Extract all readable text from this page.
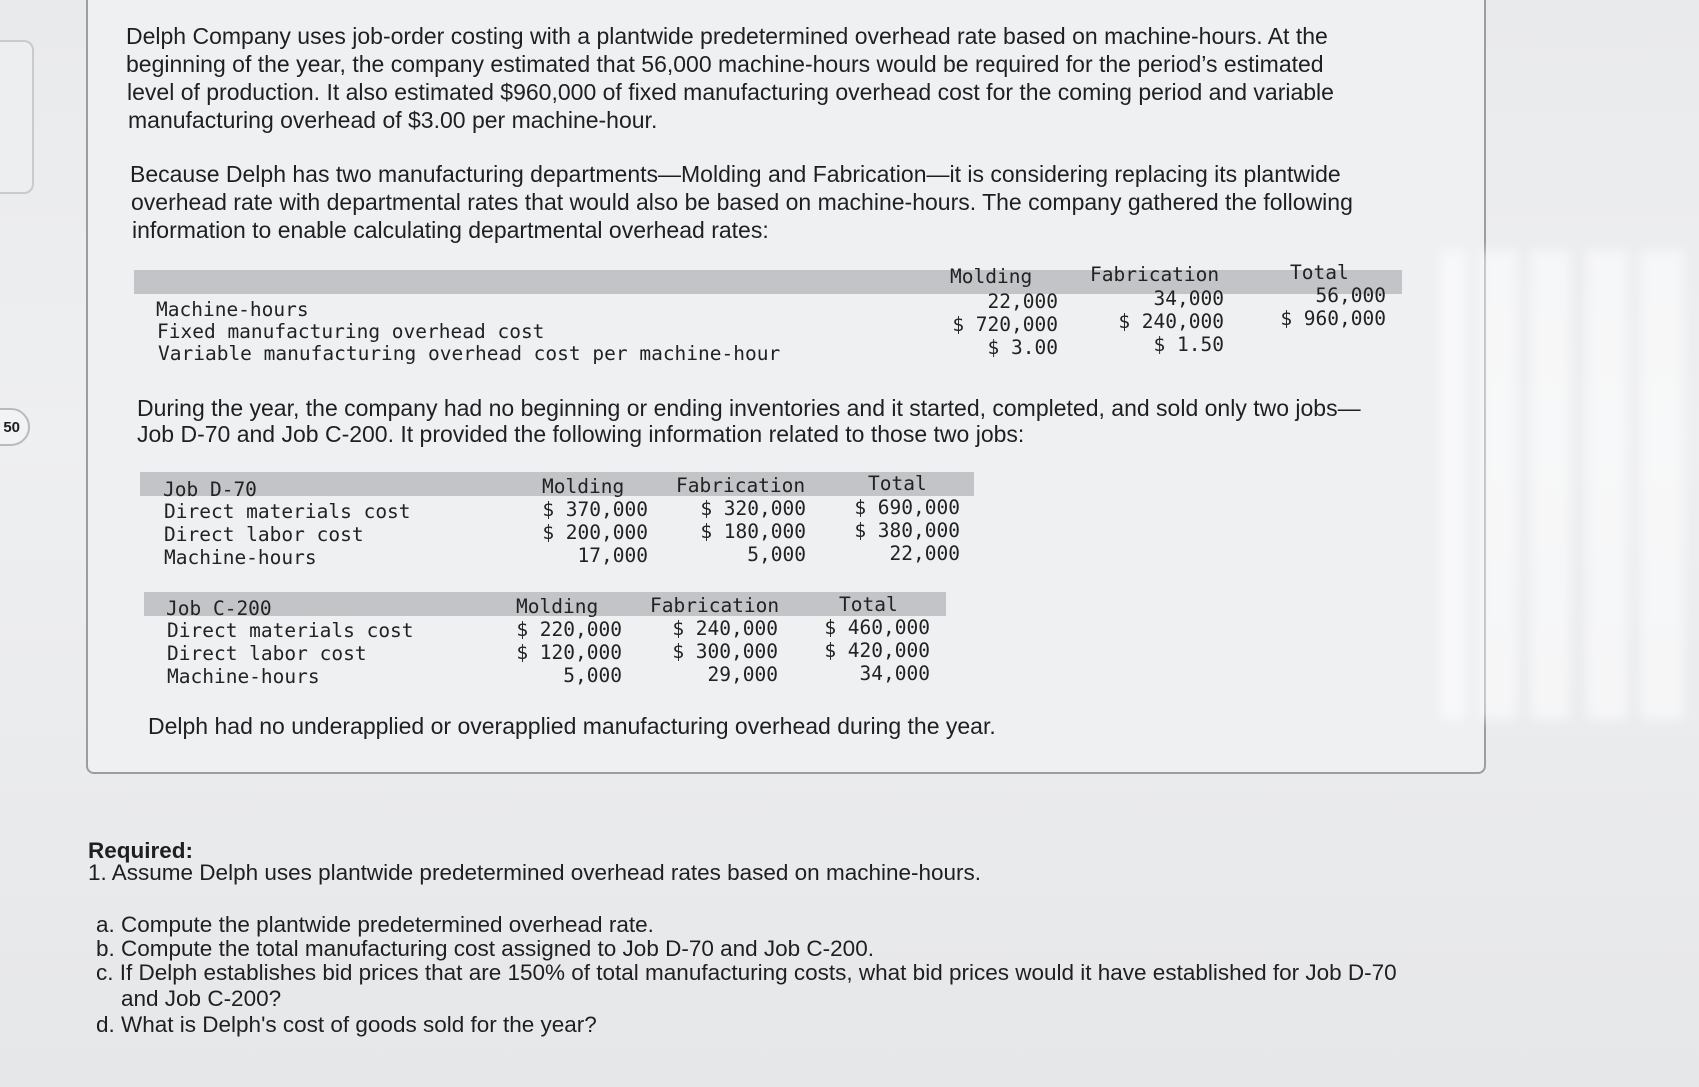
50
Delph Company uses job-order costing with a plantwide predetermined overhead rate based on machine-hours. At the
beginning of the year, the company estimated that 56,000 machine-hours would be required for the period’s estimated
level of production. It also estimated $960,000 of fixed manufacturing overhead cost for the coming period and variable
manufacturing overhead of $3.00 per machine-hour.
Because Delph has two manufacturing departments—Molding and Fabrication—it is considering replacing its plantwide
overhead rate with departmental rates that would also be based on machine-hours. The company gathered the following
information to enable calculating departmental overhead rates:
Molding	Fabrication	Total
Machine-hours	22,000	34,000	56,000
Fixed manufacturing overhead cost	$ 720,000	$ 240,000	$ 960,000
Variable manufacturing overhead cost per machine-hour	$ 3.00	$ 1.50
During the year, the company had no beginning or ending inventories and it started, completed, and sold only two jobs—
Job D-70 and Job C-200. It provided the following information related to those two jobs:
Job D-70	Molding	Fabrication	Total
Direct materials cost	$ 370,000	$ 320,000	$ 690,000
Direct labor cost	$ 200,000	$ 180,000	$ 380,000
Machine-hours	17,000	5,000	22,000
Job C-200	Molding	Fabrication	Total
Direct materials cost	$ 220,000	$ 240,000	$ 460,000
Direct labor cost	$ 120,000	$ 300,000	$ 420,000
Machine-hours	5,000	29,000	34,000
Delph had no underapplied or overapplied manufacturing overhead during the year.
Required:
1. Assume Delph uses plantwide predetermined overhead rates based on machine-hours.
a. Compute the plantwide predetermined overhead rate.
b. Compute the total manufacturing cost assigned to Job D-70 and Job C-200.
c. If Delph establishes bid prices that are 150% of total manufacturing costs, what bid prices would it have established for Job D-70
and Job C-200?
d. What is Delph's cost of goods sold for the year?
